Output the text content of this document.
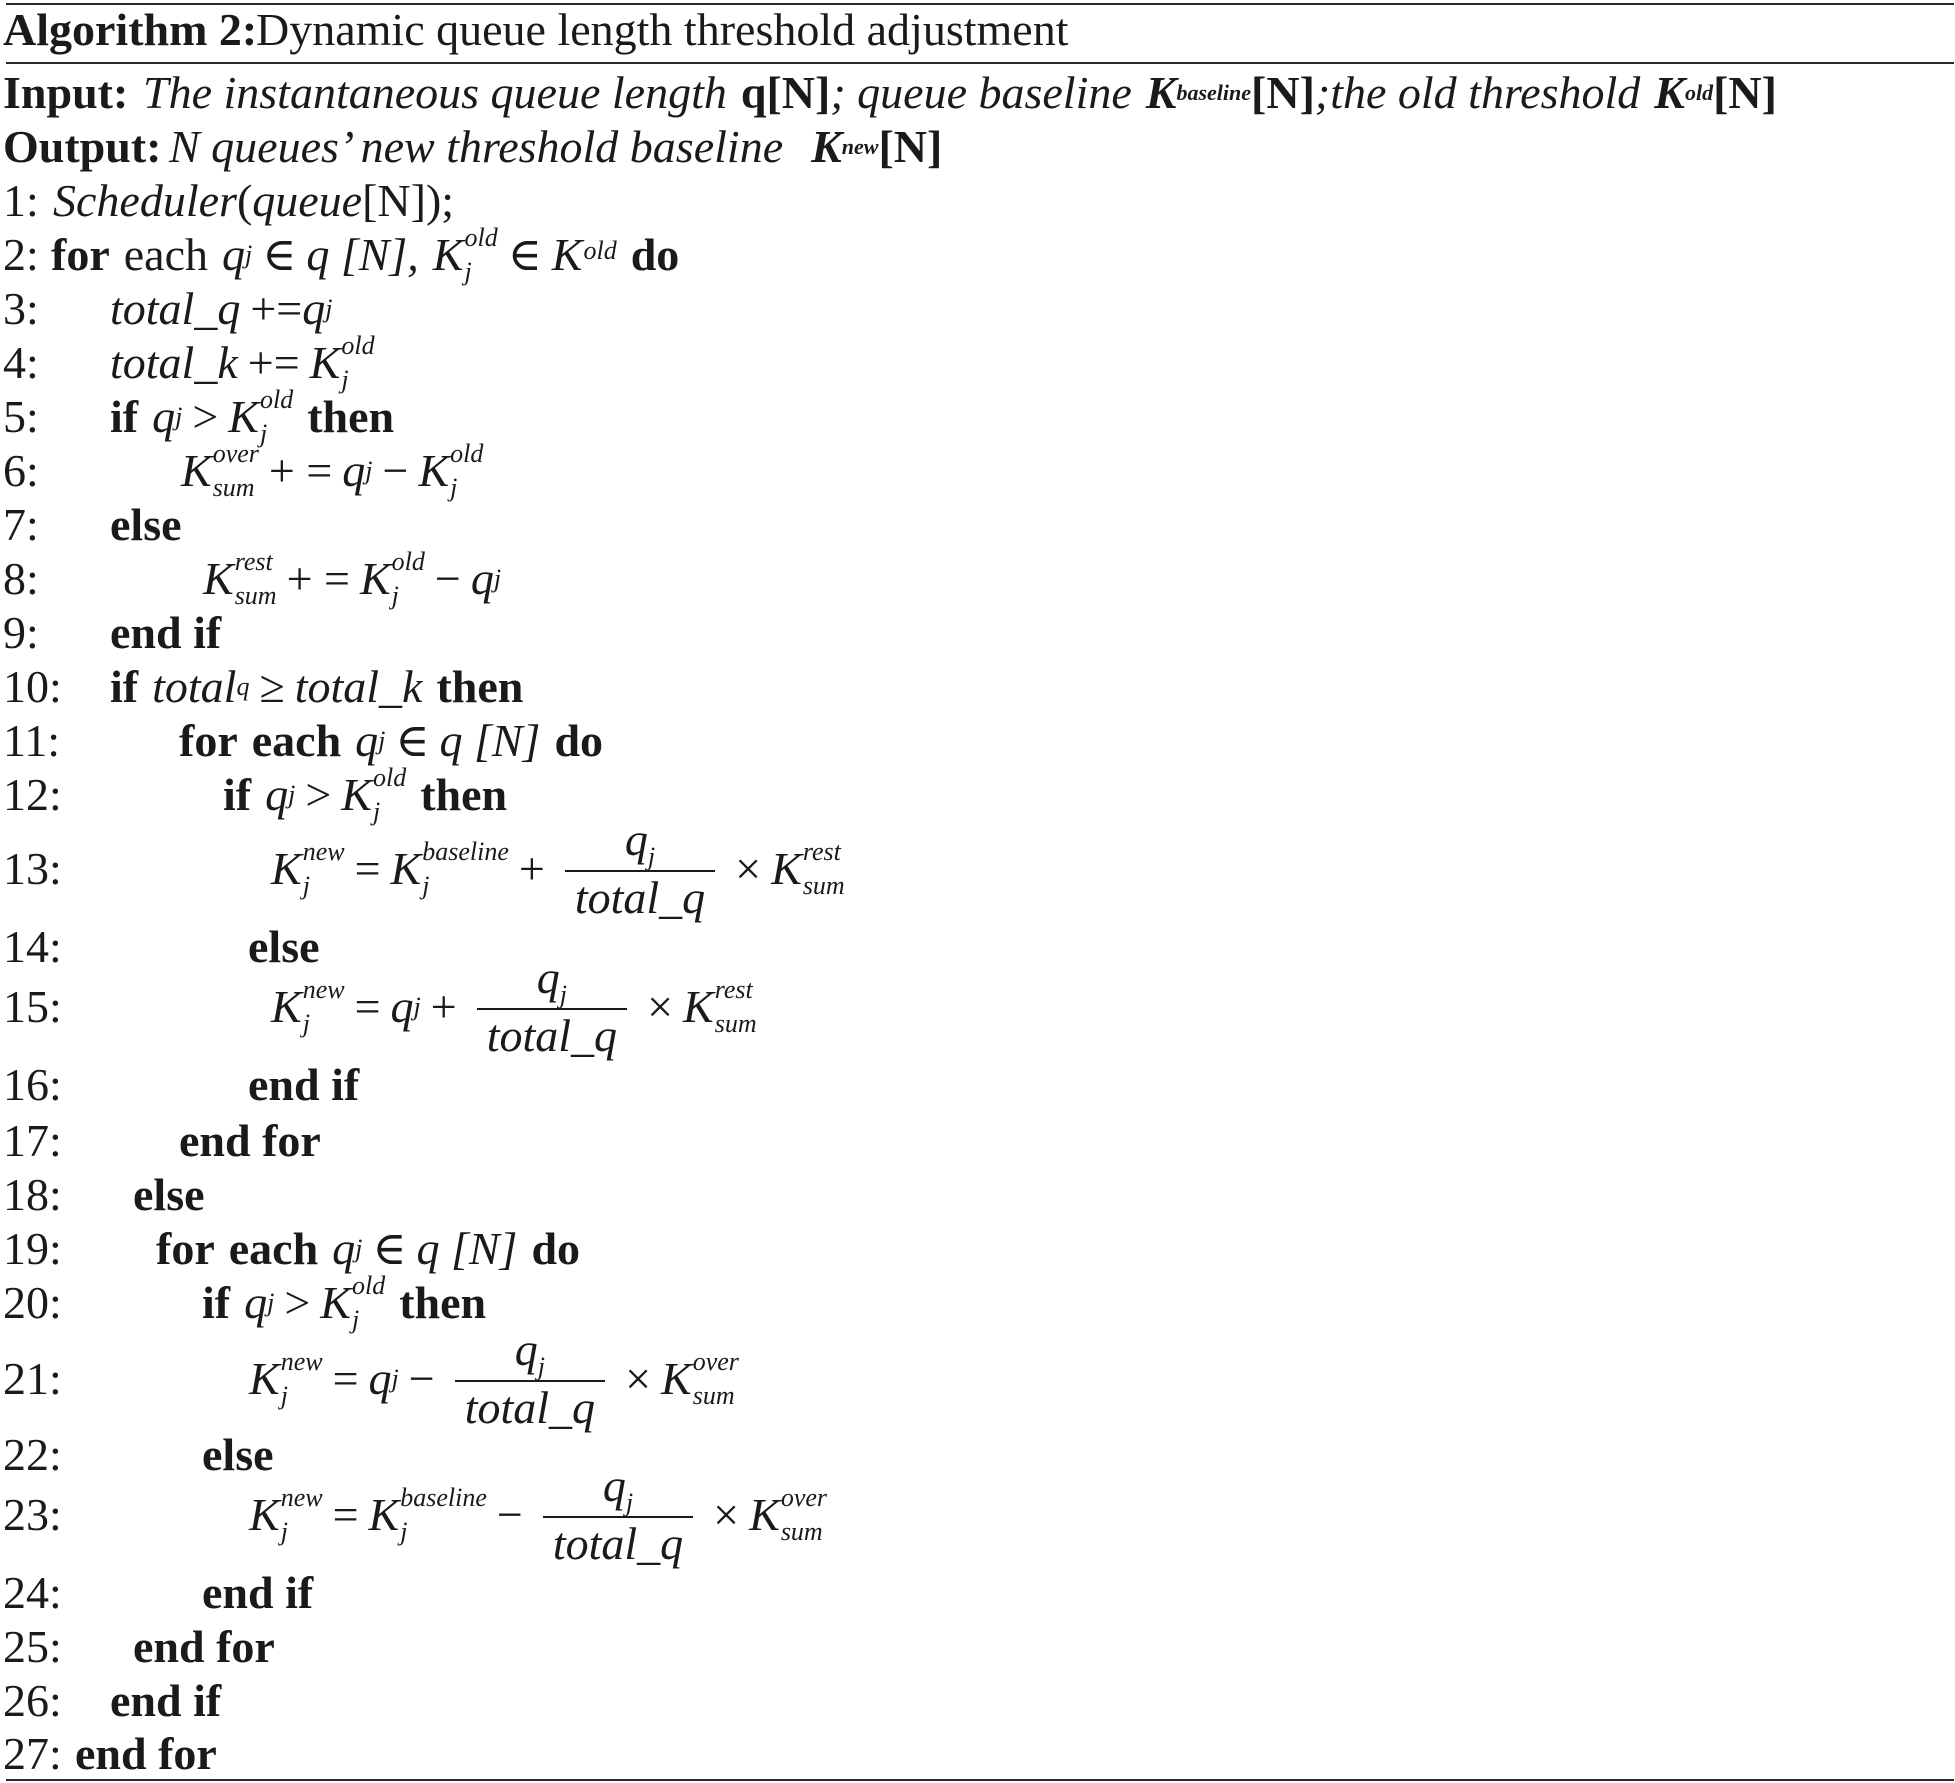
Algorithm 2:
Dynamic queue length threshold adjustment
Input: The instantaneous queue length q[N] ; queue baseline K baseline [N] ;the old threshold K old [N]
Output: N queues’ new threshold baseline K new [N]
1: Scheduler ( queue [N]);
2: for each q j ∈ q [N], K old
j ∈ K old do
3: total_q += q j
4: total_k += K old
j
5: if q j > K old
j then
6:	K over
sum + = q j − K old
j
7: else
8:	K rest
sum + = K old
j − q j
9: end if
10: if total q ≥ total_k then
11:	for each q j ∈ q [N] do
12:	if q j > K old
j then
13:	K new
j = K baseline
j	+ $\frac{q_j}{\text{total\_q}} \times K$ rest
sum
14:	else
15:	K new
j = q $j + \frac{q_j}{\text{total\_q}} \times K$ rest
sum
16:	end if
17:	end for
18: else
19: for each q j ∈ q [N] do
20:	if q j > K old
j then
21:	K new
j = q $j - \frac{q_j}{\text{total\_q}} \times K$ over
sum
22:	else
23:	K new
j = K baseline
j	− $\frac{q_j}{\text{total\_q}} \times K$ over
sum
24:	end if
25: end for
26: end if
27: end for
